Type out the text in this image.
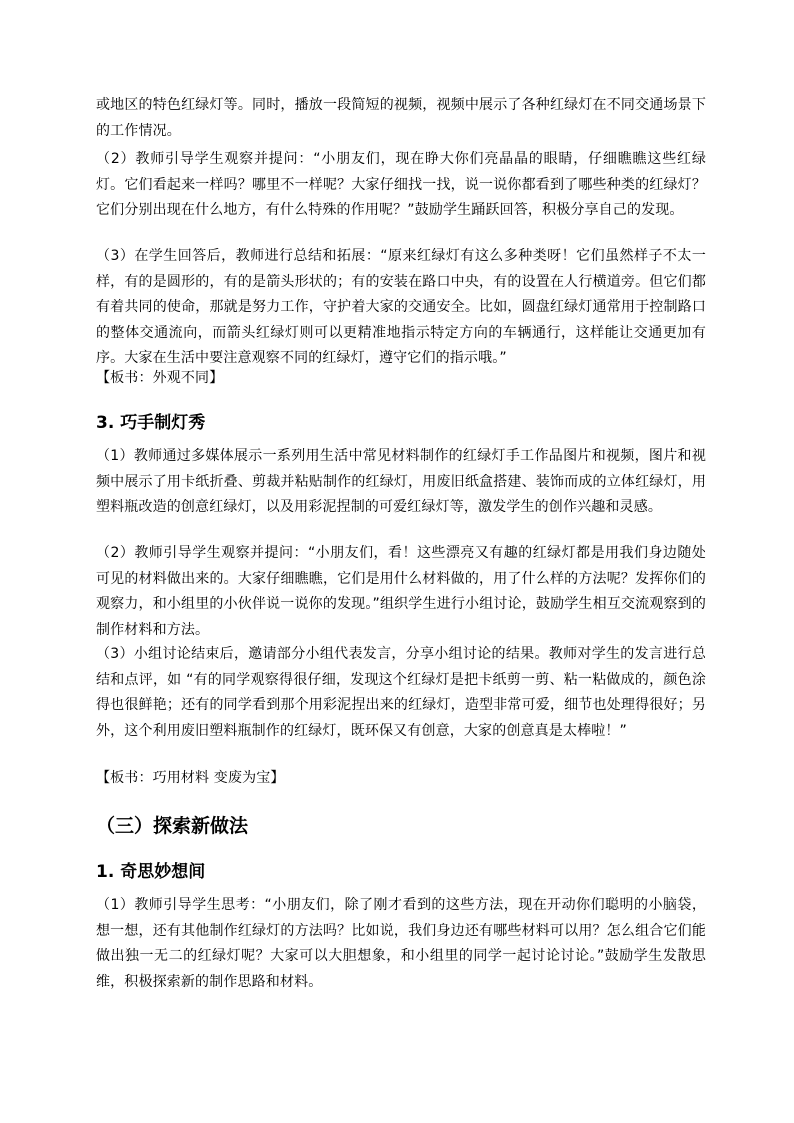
或地区的特色红绿灯等。同时，播放一段简短的视频，视频中展示了各种红绿灯在不同交通场景下的工作情况。

（2）教师引导学生观察并提问：“小朋友们，现在睁大你们亮晶晶的眼睛，仔细瞧瞧这些红绿灯。它们看起来一样吗？哪里不一样呢？大家仔细找一找，说一说你都看到了哪些种类的红绿灯？它们分别出现在什么地方，有什么特殊的作用呢？”鼓励学生踊跃回答，积极分享自己的发现。

（3）在学生回答后，教师进行总结和拓展：“原来红绿灯有这么多种类呀！它们虽然样子不太一样，有的是圆形的，有的是箭头形状的；有的安装在路口中央，有的设置在人行横道旁。但它们都有着共同的使命，那就是努力工作，守护着大家的交通安全。比如，圆盘红绿灯通常用于控制路口的整体交通流向，而箭头红绿灯则可以更精准地指示特定方向的车辆通行，这样能让交通更加有序。大家在生活中要注意观察不同的红绿灯，遵守它们的指示哦。”

【板书：外观不同】

3. 巧手制灯秀

（1）教师通过多媒体展示一系列用生活中常见材料制作的红绿灯手工作品图片和视频，图片和视频中展示了用卡纸折叠、剪裁并粘贴制作的红绿灯，用废旧纸盒搭建、装饰而成的立体红绿灯，用塑料瓶改造的创意红绿灯，以及用彩泥捏制的可爱红绿灯等，激发学生的创作兴趣和灵感。

（2）教师引导学生观察并提问：“小朋友们，看！这些漂亮又有趣的红绿灯都是用我们身边随处可见的材料做出来的。大家仔细瞧瞧，它们是用什么材料做的，用了什么样的方法呢？发挥你们的观察力，和小组里的小伙伴说一说你的发现。”组织学生进行小组讨论，鼓励学生相互交流观察到的制作材料和方法。

（3）小组讨论结束后，邀请部分小组代表发言，分享小组讨论的结果。教师对学生的发言进行总结和点评，如 “有的同学观察得很仔细，发现这个红绿灯是把卡纸剪一剪、粘一粘做成的，颜色涂得也很鲜艳；还有的同学看到那个用彩泥捏出来的红绿灯，造型非常可爱，细节也处理得很好；另外，这个利用废旧塑料瓶制作的红绿灯，既环保又有创意，大家的创意真是太棒啦！”

【板书：巧用材料 变废为宝】

（三）探索新做法
1. 奇思妙想间

（1）教师引导学生思考：“小朋友们，除了刚才看到的这些方法，现在开动你们聪明的小脑袋，想一想，还有其他制作红绿灯的方法吗？比如说，我们身边还有哪些材料可以用？怎么组合它们能做出独一无二的红绿灯呢？大家可以大胆想象，和小组里的同学一起讨论讨论。”鼓励学生发散思维，积极探索新的制作思路和材料。
